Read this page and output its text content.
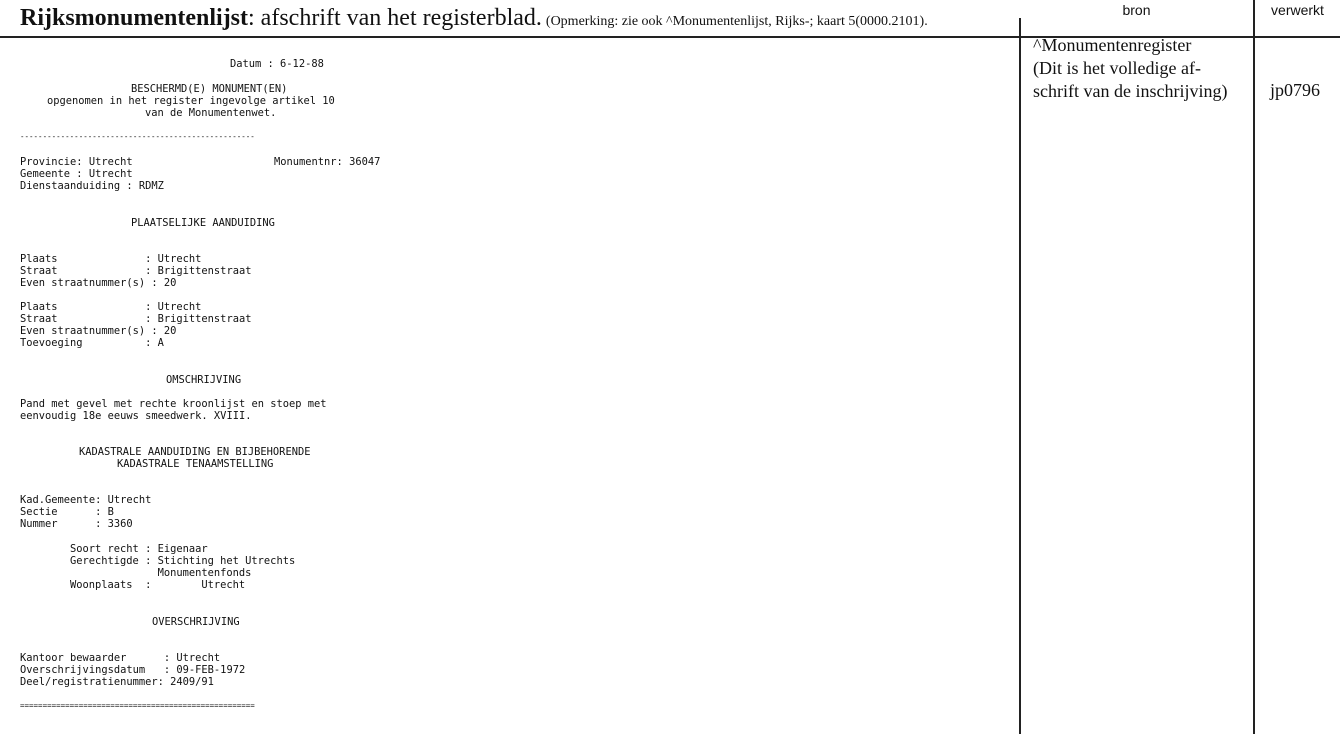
Rijksmonumentenlijst: afschrift van het registerblad. (Opmerking: zie ook ^Monumentenlijst, Rijks-; kaart 5(0000.2101).
bron	verwerkt
^Monumentenregister
(Dit is het volledige af-
schrift van de inschrijving) jp0796
Datum : 6-12-88
BESCHERMD(E) MONUMENT(EN)
opgenomen in het register ingevolge artikel 10
van de Monumentenwet.
----------------------------------------------------
Provincie: Utrecht	Monumentnr: 36047
Gemeente : Utrecht
Dienstaanduiding : RDMZ
PLAATSELIJKE AANDUIDING
Plaats              : Utrecht
Straat              : Brigittenstraat
Even straatnummer(s) : 20
Plaats              : Utrecht
Straat              : Brigittenstraat
Even straatnummer(s) : 20
Toevoeging          : A
OMSCHRIJVING
Pand met gevel met rechte kroonlijst en stoep met
eenvoudig 18e eeuws smeedwerk. XVIII.
KADASTRALE AANDUIDING EN BIJBEHORENDE
KADASTRALE TENAAMSTELLING
Kad.Gemeente: Utrecht
Sectie      : B
Nummer      : 3360
Soort recht : Eigenaar
Gerechtigde : Stichting het Utrechts
Monumentenfonds
Woonplaats  :        Utrecht
OVERSCHRIJVING
Kantoor bewaarder      : Utrecht
Overschrijvingsdatum   : 09-FEB-1972
Deel/registratienummer: 2409/91
====================================================
